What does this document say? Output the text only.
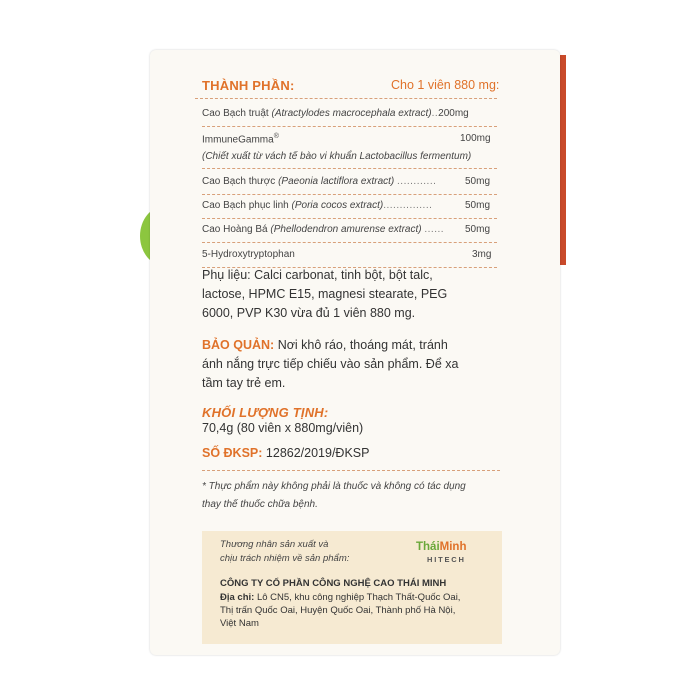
THÀNH PHẦN:	Cho 1 viên 880 mg:
Cao Bạch truật (Atractylodes macrocephala extract)..200mg
ImmuneGamma®	100mg
(Chiết xuất từ vách tế bào vi khuẩn Lactobacillus fermentum)
Cao Bạch thược (Paeonia lactiflora extract) ............	50mg
Cao Bạch phục linh (Poria cocos extract)...............	50mg
Cao Hoàng Bá (Phellodendron amurense extract) ...... 50mg
5-Hydroxytryptophan	3mg
Phụ liệu: Calci carbonat, tinh bột, bột talc,
lactose, HPMC E15, magnesi stearate, PEG
6000, PVP K30 vừa đủ 1 viên 880 mg.
BẢO QUẢN: Nơi khô ráo, thoáng mát, tránh
ánh nắng trực tiếp chiếu vào sản phẩm. Để xa
tầm tay trẻ em.
KHỐI LƯỢNG TỊNH:
70,4g (80 viên x 880mg/viên)
SỐ ĐKSP: 12862/2019/ĐKSP
* Thực phẩm này không phải là thuốc và không có tác dụng
thay thế thuốc chữa bệnh.
Thương nhân sản xuất và
chịu trách nhiệm về sản phẩm:
TháiMinh
HITECH
CÔNG TY CỔ PHẦN CÔNG NGHỆ CAO THÁI MINH
Địa chỉ: Lô CN5, khu công nghiệp Thạch Thất-Quốc Oai,
Thị trấn Quốc Oai, Huyện Quốc Oai, Thành phố Hà Nội,
Việt Nam
